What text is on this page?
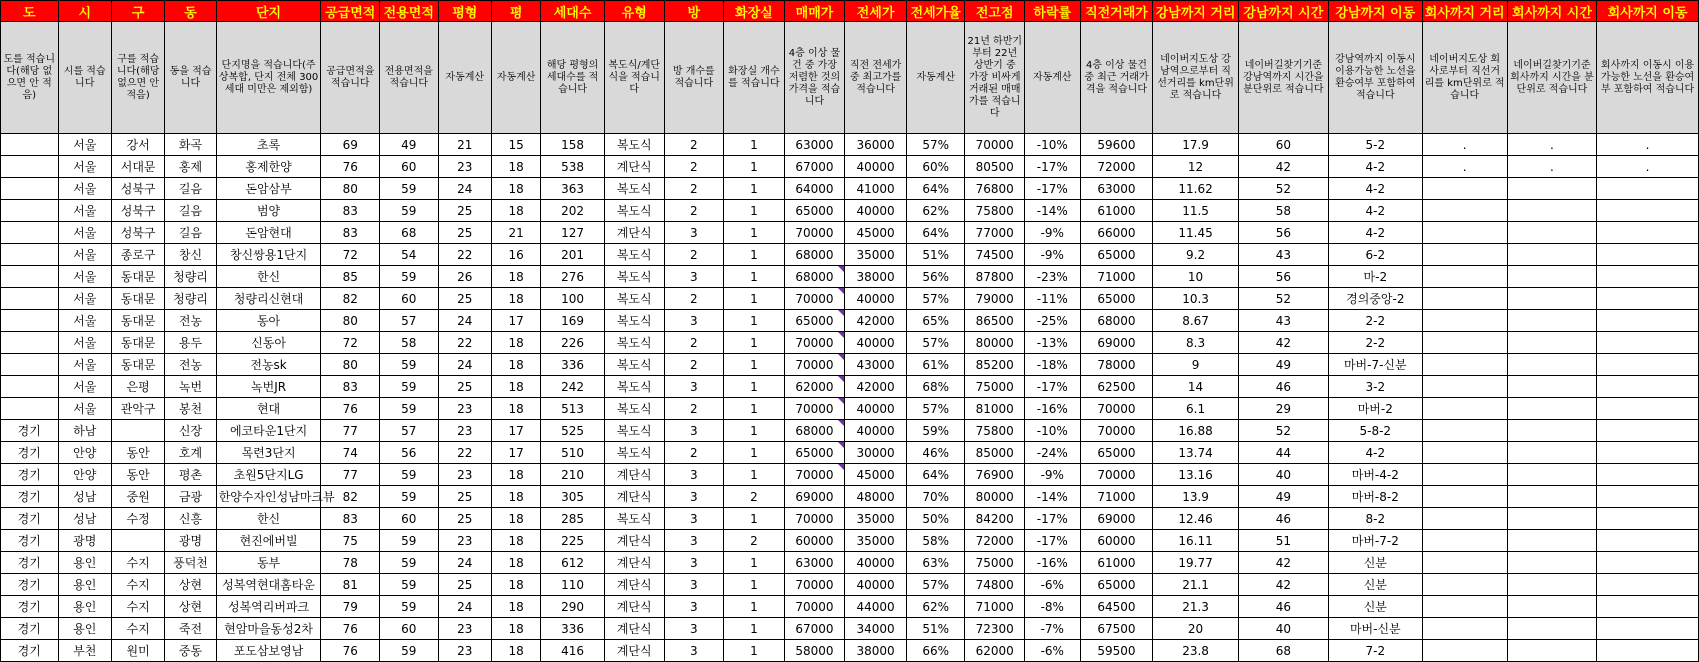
도	시	구	동	단지	공급면적	전용면적	평형	평	세대수	유형	방	화장실	매매가	전세가	전세가율	전고점	하락률	직전거래가	강남까지 거리	강남까지 시간	강남까지 이동	회사까지 거리	회사까지 시간	회사까지 이동
도를 적습니다(해당 없으면 안 적음)	시를 적습니다	구를 적습니다(해당 없으면 안 적음)	동을 적습니다	단지명을 적습니다(주상복합, 단지 전체 300세대 미만은 제외함)	공급면적을 적습니다	전용면적을 적습니다	자동계산	자동계산	해당 평형의 세대수를 적습니다	복도식/계단식을 적습니다	방 개수를 적습니다	화장실 개수를 적습니다	4층 이상 물건 중 가장 저렴한 것의 가격을 적습니다	직전 전세가 중 최고가를 적습니다	자동계산	21년 하반기부터 22년 상반기 중 가장 비싸게 거래된 매매가를 적습니다	자동계산	4층 이상 물건 중 최근 거래가격을 적습니다	네이버지도상 강남역으로부터 직선거리를 km단위로 적습니다	네이버길찾기기준 강남역까지 시간을 분단위로 적습니다	강남역까지 이동시 이용가능한 노선을 환승여부 포함하여 적습니다	네이버지도상 회사로부터 직선거리를 km단위로 적습니다	네이버길찾기기준 회사까지 시간을 분단위로 적습니다	회사까지 이동시 이용가능한 노선을 환승여부 포함하여 적습니다
	서울	강서	화곡	초록	69	49	21	15	158	복도식	2	1	63000	36000	57%	70000	-10%	59600	17.9	60	5-2	.	.	.
	서울	서대문	홍제	홍제한양	76	60	23	18	538	계단식	2	1	67000	40000	60%	80500	-17%	72000	12	42	4-2	.	.	.
	서울	성북구	길음	돈암삼부	80	59	24	18	363	복도식	2	1	64000	41000	64%	76800	-17%	63000	11.62	52	4-2			
	서울	성북구	길음	범양	83	59	25	18	202	복도식	2	1	65000	40000	62%	75800	-14%	61000	11.5	58	4-2			
	서울	성북구	길음	돈암현대	83	68	25	21	127	계단식	3	1	70000	45000	64%	77000	-9%	66000	11.45	56	4-2			
	서울	종로구	창신	창신쌍용1단지	72	54	22	16	201	복도식	2	1	68000	35000	51%	74500	-9%	65000	9.2	43	6-2			
	서울	동대문	청량리	한신	85	59	26	18	276	복도식	3	1	68000	38000	56%	87800	-23%	71000	10	56	마-2			
	서울	동대문	청량리	청량리신현대	82	60	25	18	100	복도식	2	1	70000	40000	57%	79000	-11%	65000	10.3	52	경의중앙-2			
	서울	동대문	전농	동아	80	57	24	17	169	복도식	3	1	65000	42000	65%	86500	-25%	68000	8.67	43	2-2			
	서울	동대문	용두	신동아	72	58	22	18	226	복도식	2	1	70000	40000	57%	80000	-13%	69000	8.3	42	2-2			
	서울	동대문	전농	전농sk	80	59	24	18	336	복도식	2	1	70000	43000	61%	85200	-18%	78000	9	49	마버-7-신분			
	서울	은평	녹번	녹번JR	83	59	25	18	242	복도식	3	1	62000	42000	68%	75000	-17%	62500	14	46	3-2			
	서울	관악구	봉천	현대	76	59	23	18	513	복도식	2	1	70000	40000	57%	81000	-16%	70000	6.1	29	마버-2			
경기	하남		신장	에코타운1단지	77	57	23	17	525	복도식	3	1	68000	40000	59%	75800	-10%	70000	16.88	52	5-8-2			
경기	안양	동안	호계	목련3단지	74	56	22	17	510	복도식	2	1	65000	30000	46%	85000	-24%	65000	13.74	44	4-2			
경기	안양	동안	평촌	초원5단지LG	77	59	23	18	210	계단식	3	1	70000	45000	64%	76900	-9%	70000	13.16	40	마버-4-2			
경기	성남	중원	금광	한양수자인성남마크뷰	82	59	25	18	305	계단식	3	2	69000	48000	70%	80000	-14%	71000	13.9	49	마버-8-2			
경기	성남	수정	신흥	한신	83	60	25	18	285	복도식	3	1	70000	35000	50%	84200	-17%	69000	12.46	46	8-2			
경기	광명		광명	현진에버빌	75	59	23	18	225	계단식	3	2	60000	35000	58%	72000	-17%	60000	16.11	51	마버-7-2			
경기	용인	수지	풍덕천	동부	78	59	24	18	612	계단식	3	1	63000	40000	63%	75000	-16%	61000	19.77	42	신분			
경기	용인	수지	상현	성복역현대홈타운	81	59	25	18	110	계단식	3	1	70000	40000	57%	74800	-6%	65000	21.1	42	신분			
경기	용인	수지	상현	성복역리버파크	79	59	24	18	290	계단식	3	1	70000	44000	62%	71000	-8%	64500	21.3	46	신분			
경기	용인	수지	죽전	현암마을동성2차	76	60	23	18	336	계단식	3	1	67000	34000	51%	72300	-7%	67500	20	40	마버-신분			
경기	부천	원미	중동	포도삼보영남	76	59	23	18	416	계단식	3	1	58000	38000	66%	62000	-6%	59500	23.8	68	7-2			
